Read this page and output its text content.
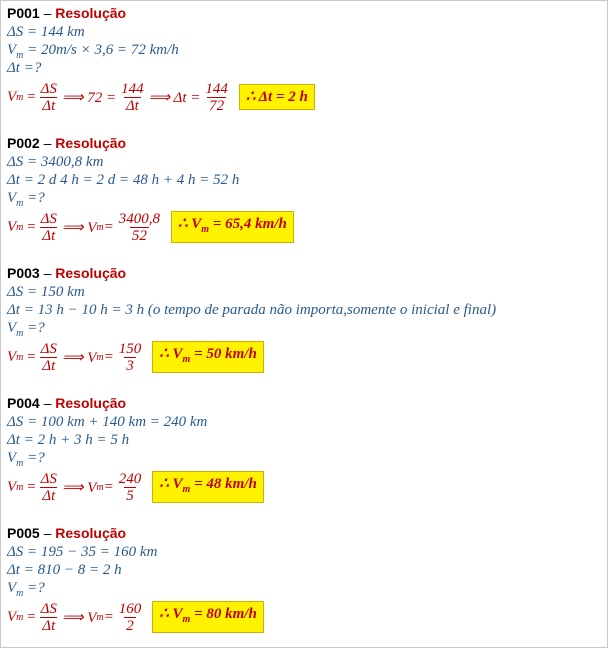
P001 – Resolução
ΔS = 144 km
$V_m = 20m/s \times 3,6 = 72$ km/h
Δt =?
V $m = \frac{\Delta S}{\Delta t}$ ⟹ $72 = \frac{144}{\Delta t}$ ⟹ $\Delta t = \frac{144}{72}$	∴ Δt = 2 h
P002 – Resolução
ΔS = 3400,8 km
Δt = 2 d 4 h = 2 d = 48 h + 4 h = 52 h
$V_m$ =?
V $m = \frac{\Delta S}{\Delta t}$ ⟹ V $m = \frac{3400,8}{52}$	∴ $V_m = 65,4$ km/h
P003 – Resolução
ΔS = 150 km
Δt = 13 h − 10 h = 3 h (o tempo de parada não importa,somente o inicial e final)
$V_m$ =?
V $m = \frac{\Delta S}{\Delta t}$ ⟹ V $m = \frac{150}{3}$	∴ $V_m = 50$ km/h
P004 – Resolução
ΔS = 100 km + 140 km = 240 km
Δt = 2 h + 3 h = 5 h
$V_m$ =?
V $m = \frac{\Delta S}{\Delta t}$ ⟹ V $m = \frac{240}{5}$	∴ $V_m = 48$ km/h
P005 – Resolução
ΔS = 195 − 35 = 160 km
Δt = 810 − 8 = 2 h
$V_m$ =?
V $m = \frac{\Delta S}{\Delta t}$ ⟹ V $m = \frac{160}{2}$	∴ $V_m = 80$ km/h
